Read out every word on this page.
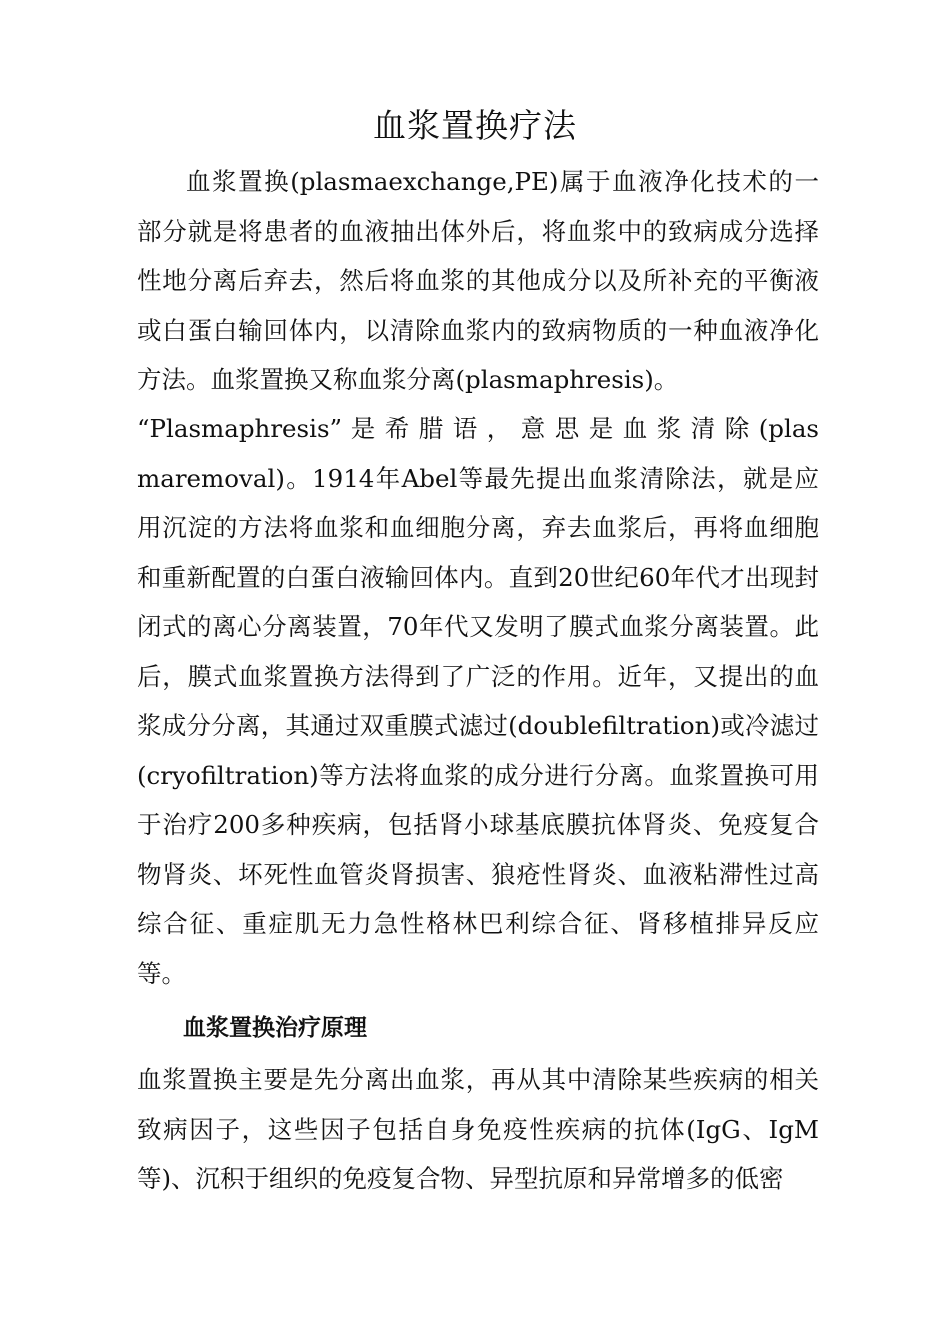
血浆置换疗法
血浆置换(plasmaexchange,PE)属于血液净化技术的一部分就是将患者的血液抽出体外后，将血浆中的致病成分选择性地分离后弃去，然后将血浆的其他成分以及所补充的平衡液或白蛋白输回体内，以清除血浆内的致病物质的一种血液净化方法。血浆置换又称血浆分离(plasmaphresis)。
“Plasmaphresis” 是 希 腊 语 ， 意 思 是 血 浆 清 除 (plasmaremoval)。1914年Abel等最先提出血浆清除法，就是应用沉淀的方法将血浆和血细胞分离，弃去血浆后，再将血细胞和重新配置的白蛋白液输回体内。直到20世纪60年代才出现封闭式的离心分离装置，70年代又发明了膜式血浆分离装置。此后，膜式血浆置换方法得到了广泛的作用。近年，又提出的血浆成分分离，其通过双重膜式滤过(doublefiltration)或冷滤过(cryofiltration)等方法将血浆的成分进行分离。血浆置换可用于治疗200多种疾病，包括肾小球基底膜抗体肾炎、免疫复合物肾炎、坏死性血管炎肾损害、狼疮性肾炎、血液粘滞性过高综合征、重症肌无力急性格林巴利综合征、肾移植排异反应等。
血浆置换治疗原理
血浆置换主要是先分离出血浆，再从其中清除某些疾病的相关致病因子，这些因子包括自身免疫性疾病的抗体(IgG、IgM等)、沉积于组织的免疫复合物、异型抗原和异常增多的低密
